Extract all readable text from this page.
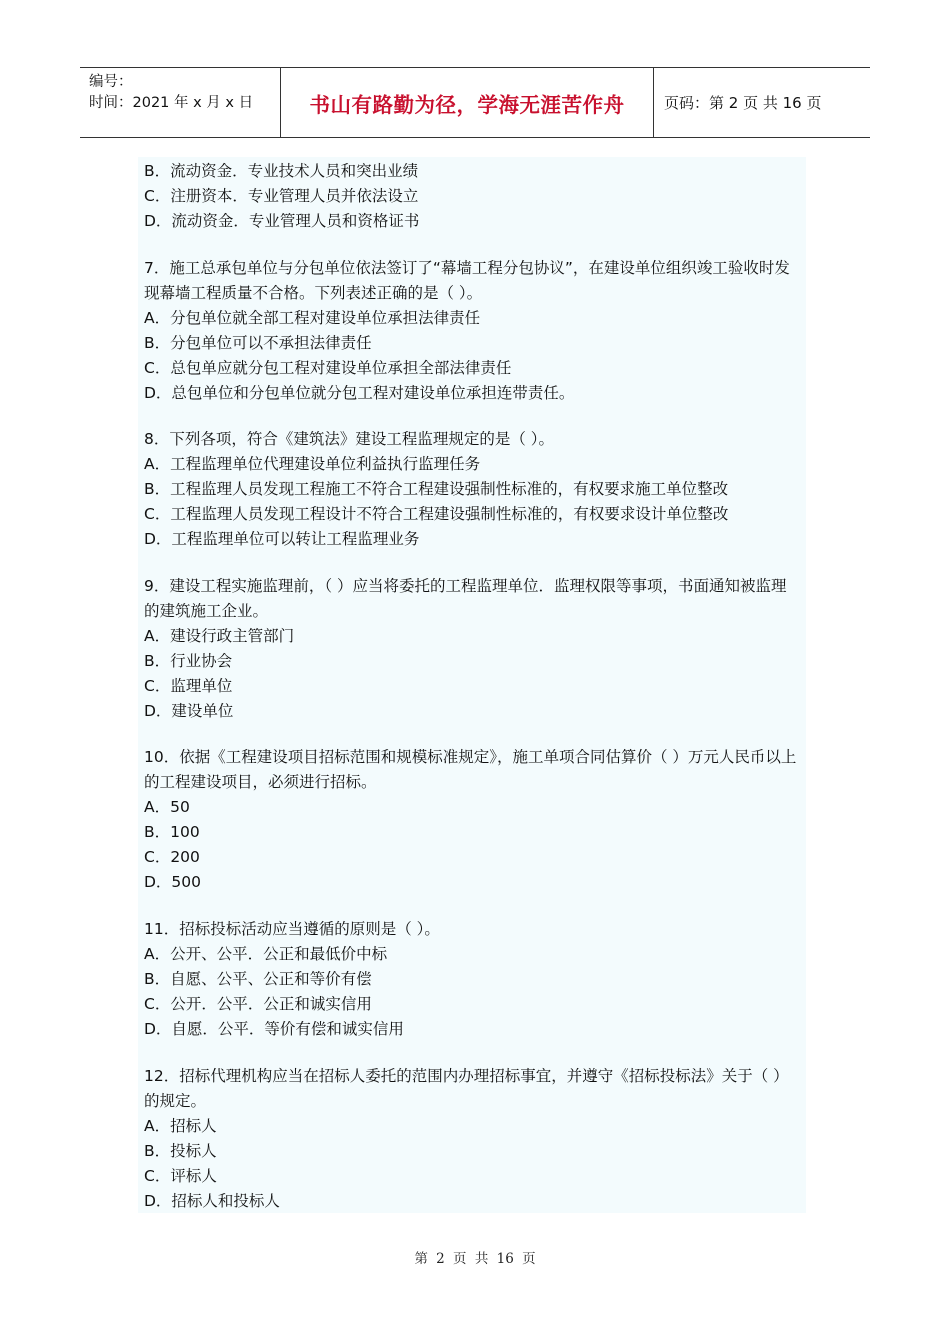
编号：
时间：2021 年 x 月 x 日	书山有路勤为径，学海无涯苦作舟	页码：第 2 页 共 16 页
B．流动资金．专业技术人员和突出业绩
C．注册资本．专业管理人员并依法设立
D．流动资金．专业管理人员和资格证书
7．施工总承包单位与分包单位依法签订了“幕墙工程分包协议”，在建设单位组织竣工验收时发现幕墙工程质量不合格。下列表述正确的是（ ）。
A．分包单位就全部工程对建设单位承担法律责任
B．分包单位可以不承担法律责任
C．总包单应就分包工程对建设单位承担全部法律责任
D．总包单位和分包单位就分包工程对建设单位承担连带责任。
8．下列各项，符合《建筑法》建设工程监理规定的是（ ）。
A．工程监理单位代理建设单位利益执行监理任务
B．工程监理人员发现工程施工不符合工程建设强制性标准的，有权要求施工单位整改
C．工程监理人员发现工程设计不符合工程建设强制性标准的，有权要求设计单位整改
D．工程监理单位可以转让工程监理业务
9．建设工程实施监理前，（ ）应当将委托的工程监理单位．监理权限等事项，书面通知被监理的建筑施工企业。
A．建设行政主管部门
B．行业协会
C．监理单位
D．建设单位
10．依据《工程建设项目招标范围和规模标准规定》，施工单项合同估算价（ ）万元人民币以上的工程建设项目，必须进行招标。
A．50
B．100
C．200
D．500
11．招标投标活动应当遵循的原则是（ ）。
A．公开、公平．公正和最低价中标
B．自愿、公平、公正和等价有偿
C．公开．公平．公正和诚实信用
D．自愿．公平．等价有偿和诚实信用
12．招标代理机构应当在招标人委托的范围内办理招标事宜，并遵守《招标投标法》关于（ ）的规定。
A．招标人
B．投标人
C．评标人
D．招标人和投标人
第 2 页 共 16 页
